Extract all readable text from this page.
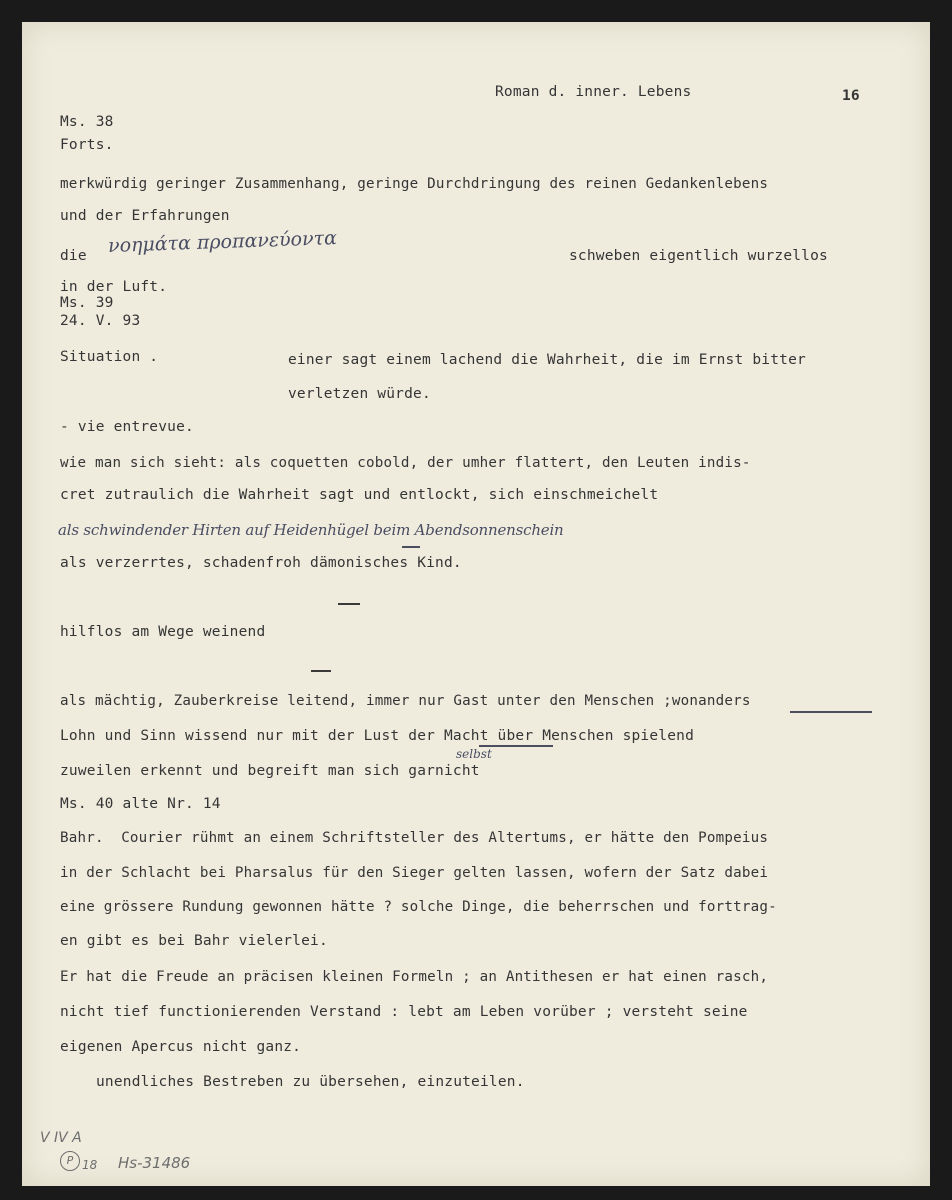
Roman d. inner. Lebens	16
Ms. 38
Forts.
merkwürdig geringer Zusammenhang, geringe Durchdringung des reinen Gedankenlebens
und der Erfahrungen
die νοημάτα προπανεύοντα	schweben eigentlich wurzellos
in der Luft.
Ms. 39
24. V. 93
Situation .	einer sagt einem lachend die Wahrheit, die im Ernst bitter
verletzen würde.
- vie entrevue.
wie man sich sieht: als coquetten cobold, der umher flattert, den Leuten indis-
cret zutraulich die Wahrheit sagt und entlockt, sich einschmeichelt
als schwindender Hirten auf Heidenhügel beim Abendsonnenschein
als verzerrtes, schadenfroh dämonisches Kind.
hilflos am Wege weinend
als mächtig, Zauberkreise leitend, immer nur Gast unter den Menschen ;wonanders
Lohn und Sinn wissend nur mit der Lust der Macht über Menschen spielend
selbst
zuweilen erkennt und begreift man sich garnicht
Ms. 40 alte Nr. 14
Bahr.  Courier rühmt an einem Schriftsteller des Altertums, er hätte den Pompeius
in der Schlacht bei Pharsalus für den Sieger gelten lassen, wofern der Satz dabei
eine grössere Rundung gewonnen hätte ? solche Dinge, die beherrschen und forttrag-
en gibt es bei Bahr vielerlei.
Er hat die Freude an präcisen kleinen Formeln ; an Antithesen er hat einen rasch,
nicht tief functionierenden Verstand : lebt am Leben vorüber ; versteht seine
eigenen Apercus nicht ganz.
unendliches Bestreben zu übersehen, einzuteilen.
V IV A
P 18 Hs-31486
